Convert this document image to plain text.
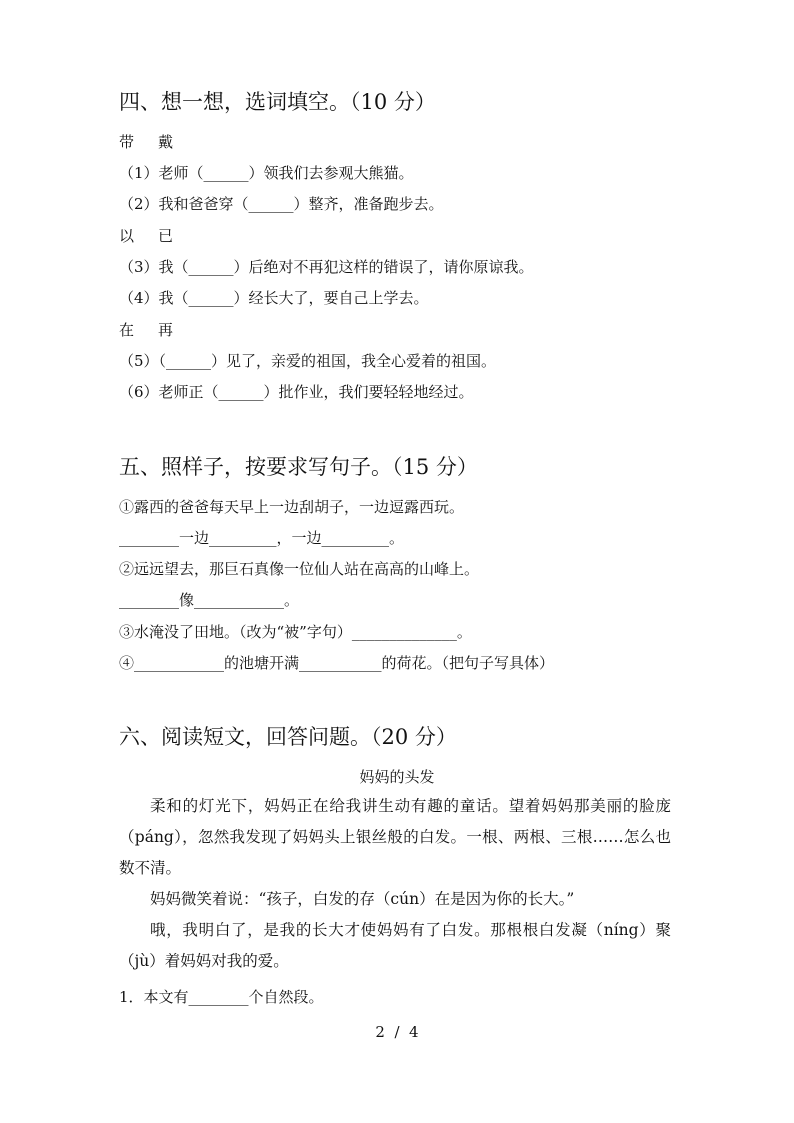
四、想一想，选词填空。（10 分）
带 戴
（1）老师（______）领我们去参观大熊猫。
（2）我和爸爸穿（______）整齐，准备跑步去。
以 已
（3）我（______）后绝对不再犯这样的错误了，请你原谅我。
（4）我（______）经长大了，要自己上学去。
在 再
（5）（______）见了，亲爱的祖国，我全心爱着的祖国。
（6）老师正（______）批作业，我们要轻轻地经过。
五、照样子，按要求写句子。（15 分）
①露西的爸爸每天早上一边刮胡子，一边逗露西玩。
________一边_________，一边_________。
②远远望去，那巨石真像一位仙人站在高高的山峰上。
________像____________。
③水淹没了田地。（改为“被”字句）______________。
④____________的池塘开满___________的荷花。（把句子写具体）
六、阅读短文，回答问题。（20 分）
妈妈的头发
柔和的灯光下，妈妈正在给我讲生动有趣的童话。望着妈妈那美丽的脸庞（páng），忽然我发现了妈妈头上银丝般的白发。一根、两根、三根……怎么也数不清。
妈妈微笑着说：“孩子，白发的存（cún）在是因为你的长大。”
哦，我明白了，是我的长大才使妈妈有了白发。那根根白发凝（níng）聚（jù）着妈妈对我的爱。
1．本文有________个自然段。
2  /  4
